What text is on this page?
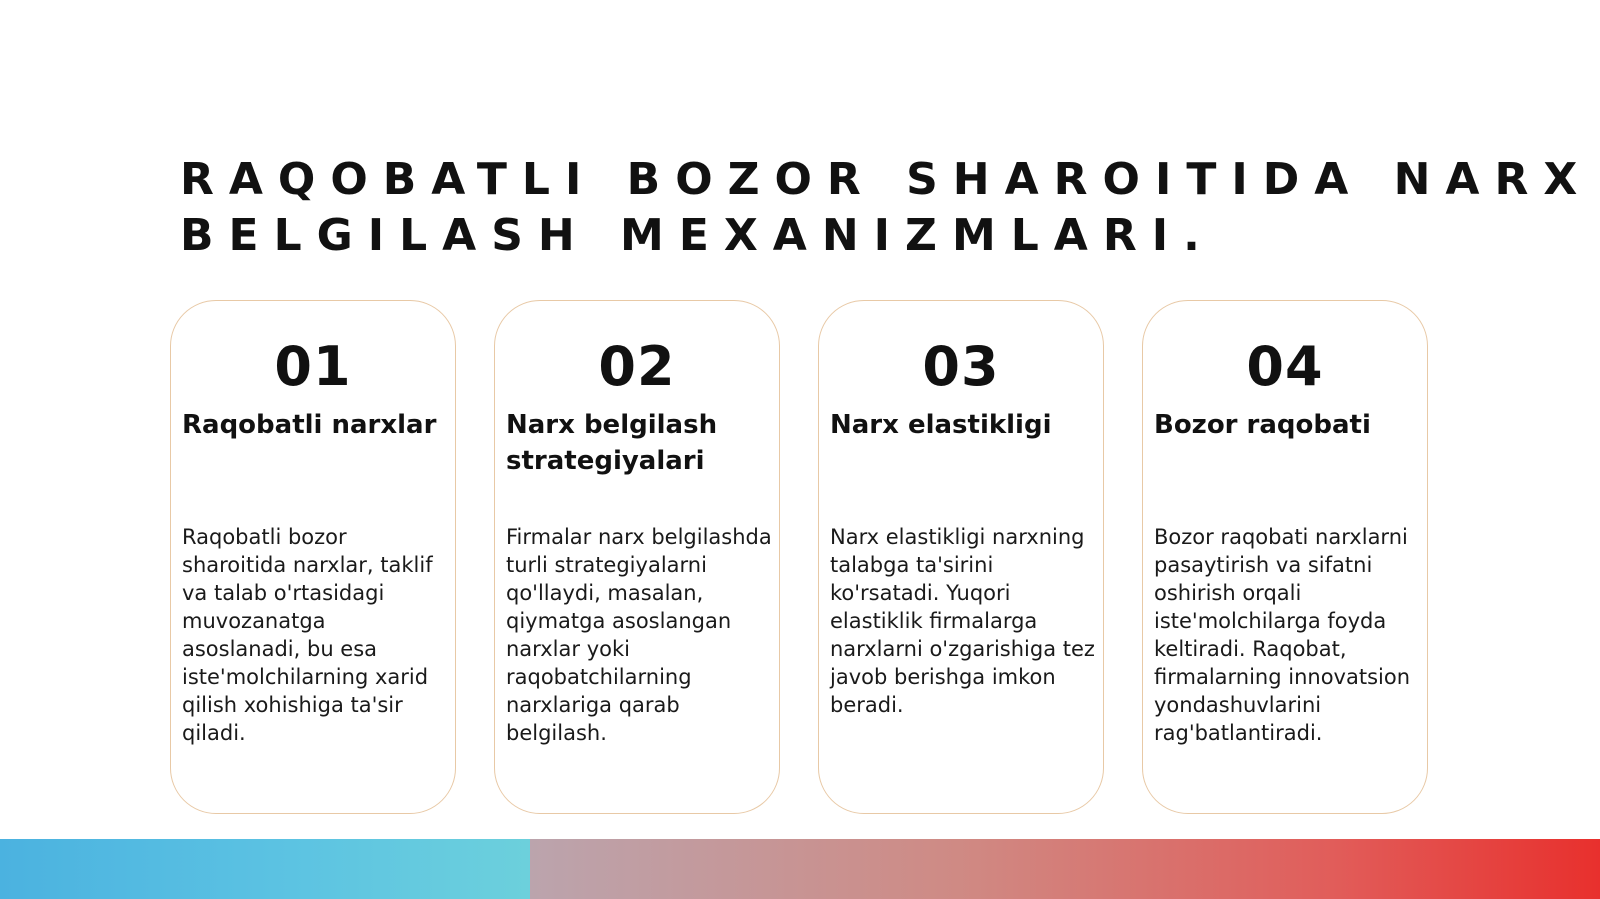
RAQOBATLI BOZOR SHAROITIDA NARX
BELGILASH MEXANIZMLARI.
01
Raqobatli narxlar
Raqobatli bozor sharoitida narxlar, taklif va talab o'rtasidagi muvozanatga asoslanadi, bu esa iste'molchilarning xarid qilish xohishiga ta'sir qiladi.
02
Narx belgilash strategiyalari
Firmalar narx belgilashda turli strategiyalarni qo'llaydi, masalan, qiymatga asoslangan narxlar yoki raqobatchilarning narxlariga qarab belgilash.
03
Narx elastikligi
Narx elastikligi narxning talabga ta'sirini ko'rsatadi. Yuqori elastiklik firmalarga narxlarni o'zgarishiga tez javob berishga imkon beradi.
04
Bozor raqobati
Bozor raqobati narxlarni pasaytirish va sifatni oshirish orqali iste'molchilarga foyda keltiradi. Raqobat, firmalarning innovatsion yondashuvlarini rag'batlantiradi.
